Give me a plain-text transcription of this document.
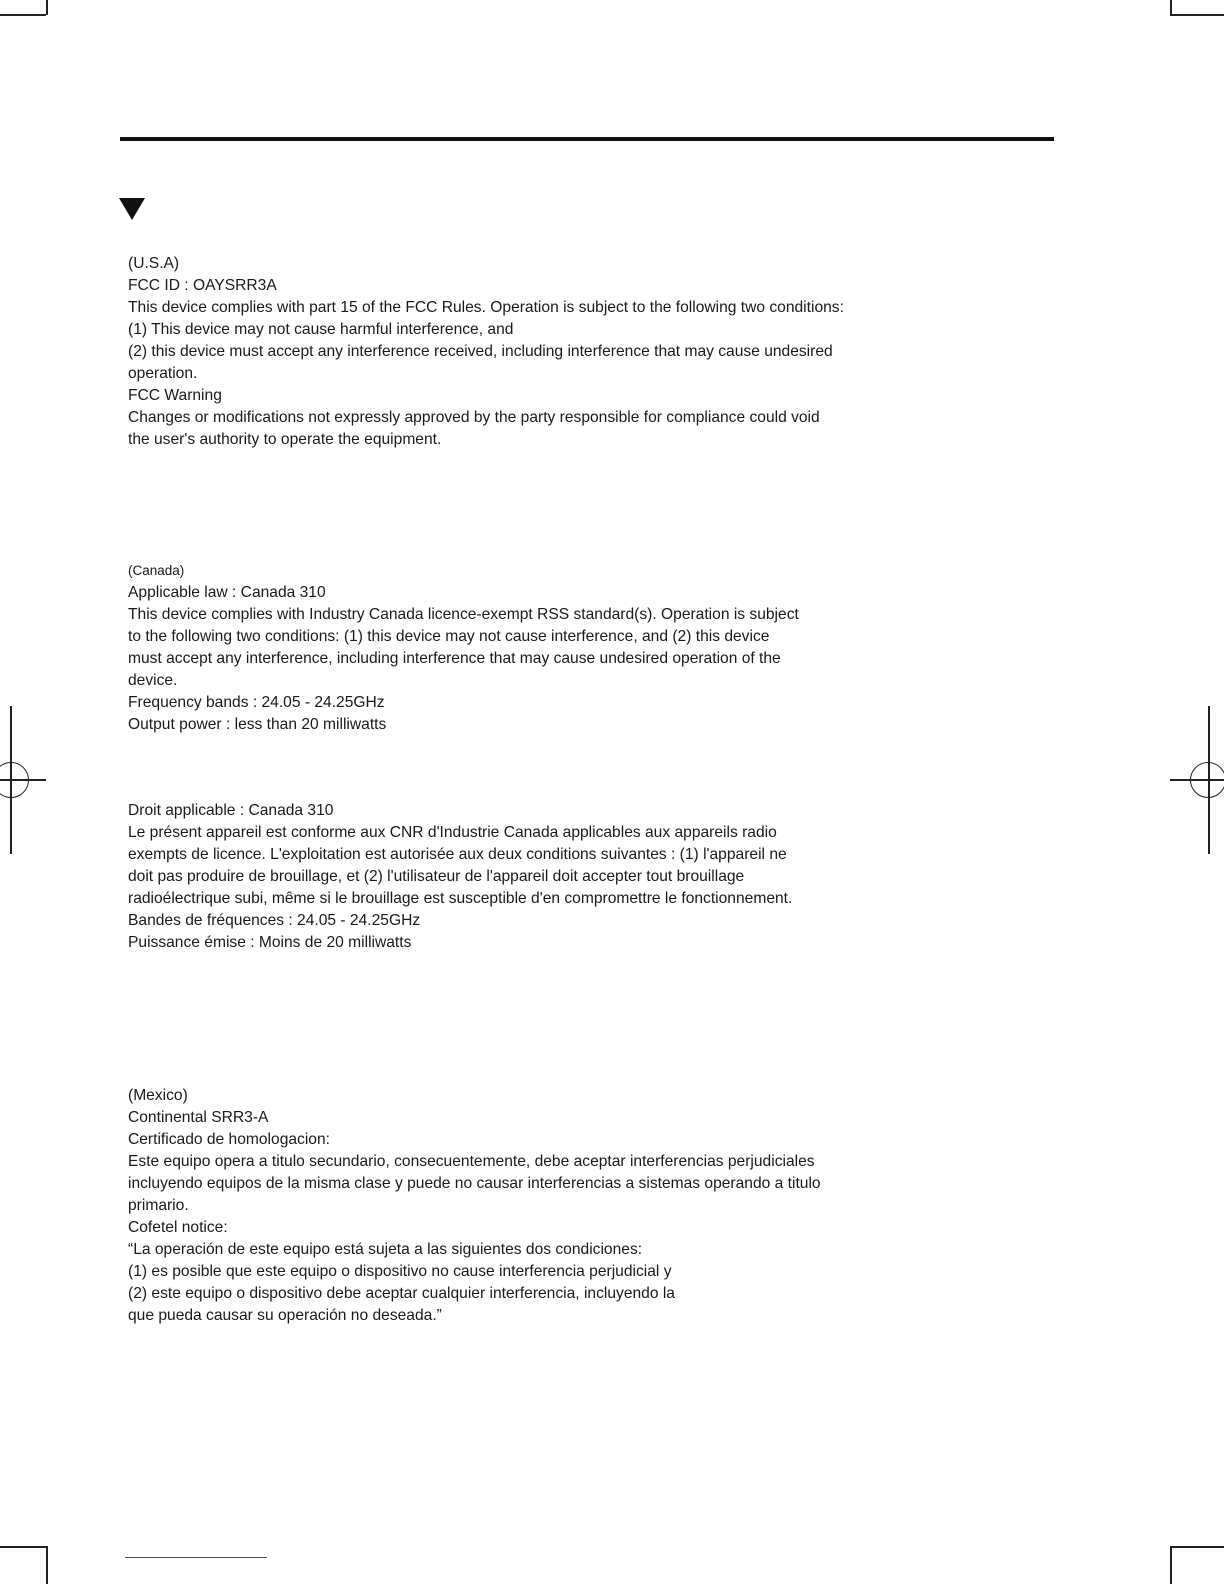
(U.S.A)
FCC ID : OAYSRR3A
This device complies with part 15 of the FCC Rules. Operation is subject to the following two conditions:
(1) This device may not cause harmful interference, and
(2) this device must accept any interference received, including interference that may cause undesired
operation.
FCC Warning
Changes or modifications not expressly approved by the party responsible for compliance could void
the user's authority to operate the equipment.
(Canada)
Applicable law : Canada 310
This device complies with Industry Canada licence-exempt RSS standard(s). Operation is subject
to the following two conditions: (1) this device may not cause interference, and (2) this device
must accept any interference, including interference that may cause undesired operation of the
device.
Frequency bands : 24.05 - 24.25GHz
Output power : less than 20 milliwatts
Droit applicable : Canada 310
Le présent appareil est conforme aux CNR d'Industrie Canada applicables aux appareils radio
exempts de licence. L'exploitation est autorisée aux deux conditions suivantes : (1) l'appareil ne
doit pas produire de brouillage, et (2) l'utilisateur de l'appareil doit accepter tout brouillage
radioélectrique subi, même si le brouillage est susceptible d'en compromettre le fonctionnement.
Bandes de fréquences : 24.05 - 24.25GHz
Puissance émise : Moins de 20 milliwatts
(Mexico)
Continental SRR3-A
Certificado de homologacion:
Este equipo opera a titulo secundario, consecuentemente, debe aceptar interferencias perjudiciales
incluyendo equipos de la misma clase y puede no causar interferencias a sistemas operando a titulo
primario.
Cofetel notice:
“La operación de este equipo está sujeta a las siguientes dos condiciones:
(1) es posible que este equipo o dispositivo no cause interferencia perjudicial y
(2) este equipo o dispositivo debe aceptar cualquier interferencia, incluyendo la
que pueda causar su operación no deseada.”
